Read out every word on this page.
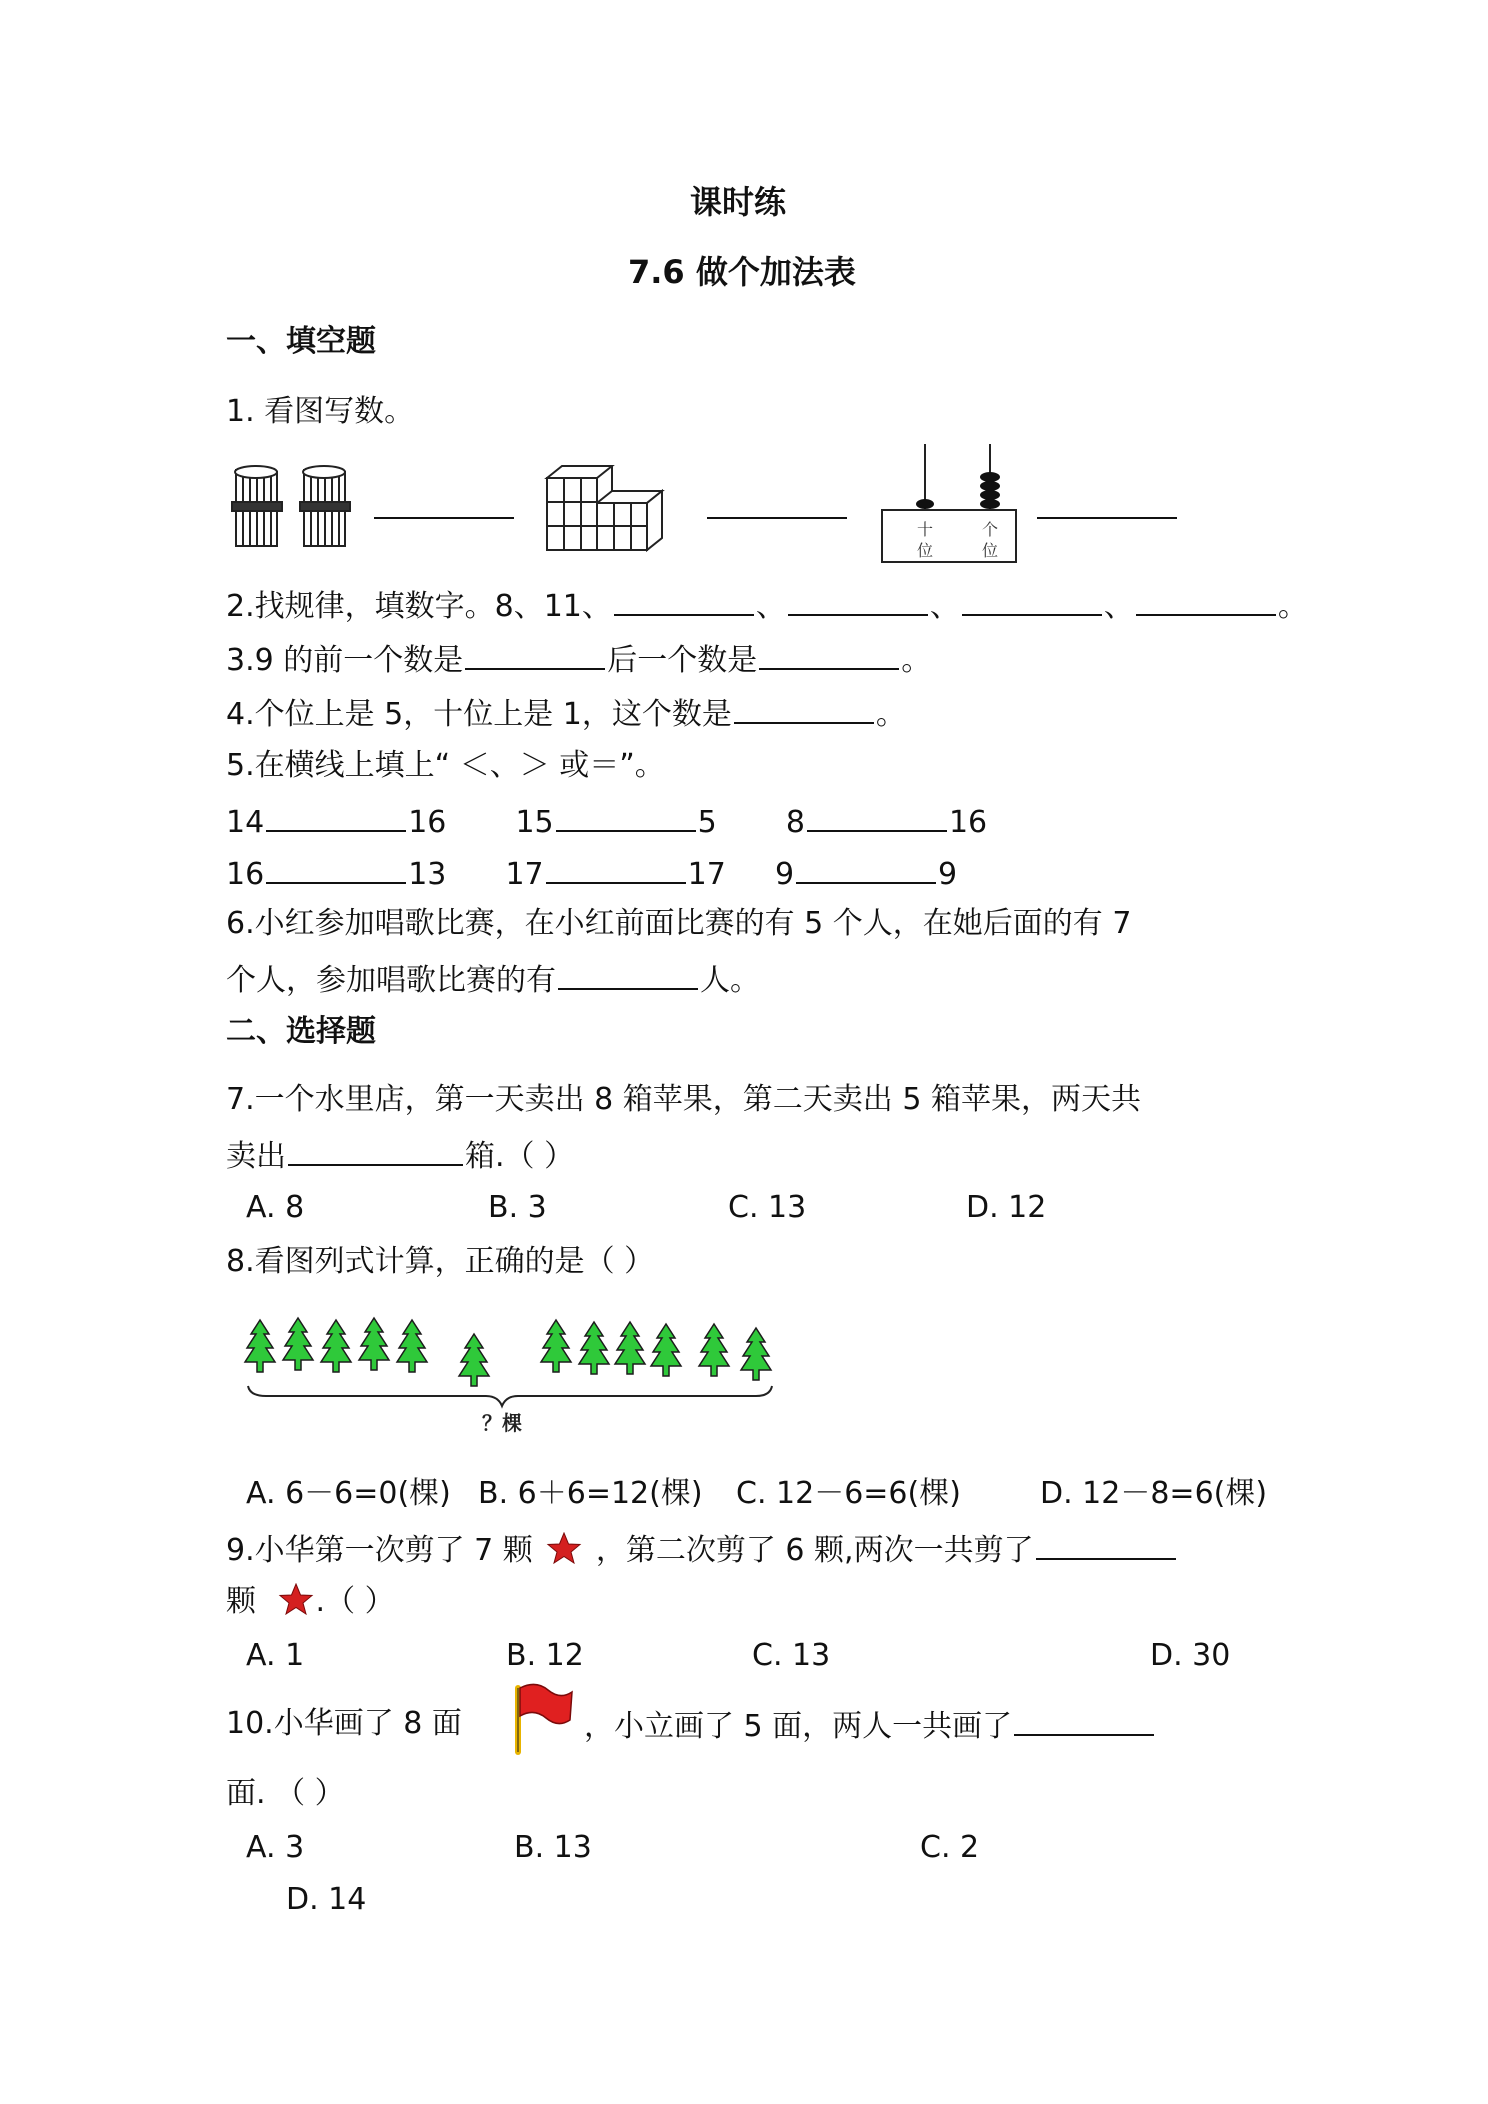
课时练
7.6 做个加法表
一、填空题
1. 看图写数。
十
位
个
位
2.找规律，填数字。8、11、	、	、	、	。
3.9 的前一个数是	后一个数是	。
4.个位上是 5，十位上是 1，这个数是	。
5.在横线上填上“ ＜、＞ 或＝”。
14	16 15	5 8	16
16	13 17	17 9	9
6.小红参加唱歌比赛，在小红前面比赛的有 5 个人，在她后面的有 7
个人，参加唱歌比赛的有	人。
二、选择题
7.一个水里店，第一天卖出 8 箱苹果，第二天卖出 5 箱苹果，两天共
卖出	箱.（ ）
A. 8	B. 3	C. 13	D. 12
8.看图列式计算，正确的是（ ）
？棵
A. 6－6=0(棵) B. 6＋6=12(棵) C. 12－6=6(棵)	D. 12－8=6(棵)
9.小华第一次剪了 7 颗 ，第二次剪了 6 颗,两次一共剪了
颗 .（ ）
A. 1	B. 12	C. 13	D. 30
10.小华画了 8 面	，小立画了 5 面，两人一共画了
面. （ ）
A. 3	B. 13	C. 2
D. 14
